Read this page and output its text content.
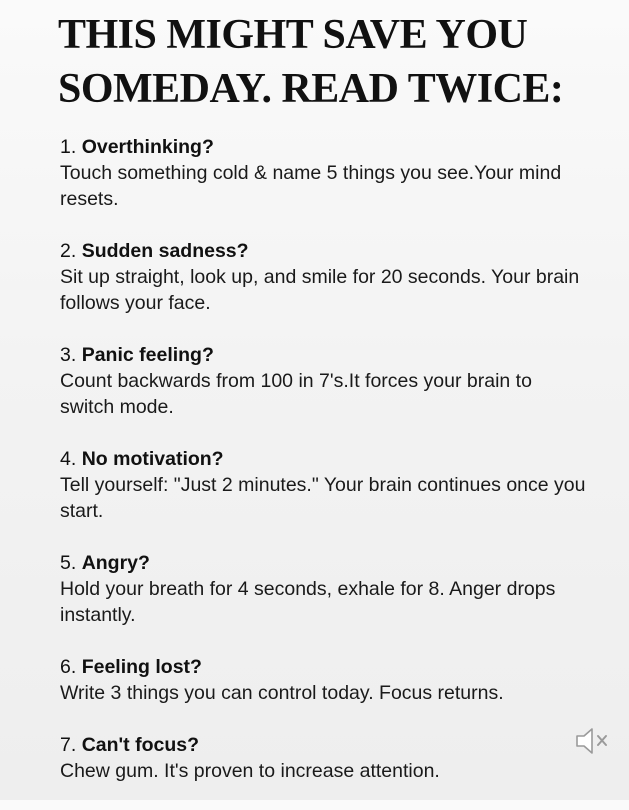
THIS MIGHT SAVE YOU SOMEDAY. READ TWICE:
1. Overthinking?
Touch something cold & name 5 things you see.Your mind resets.
2. Sudden sadness?
Sit up straight, look up, and smile for 20 seconds. Your brain follows your face.
3. Panic feeling?
Count backwards from 100 in 7's.It forces your brain to switch mode.
4. No motivation?
Tell yourself: "Just 2 minutes." Your brain continues once you start.
5. Angry?
Hold your breath for 4 seconds, exhale for 8. Anger drops instantly.
6. Feeling lost?
Write 3 things you can control today. Focus returns.
7. Can't focus?
Chew gum. It's proven to increase attention.
